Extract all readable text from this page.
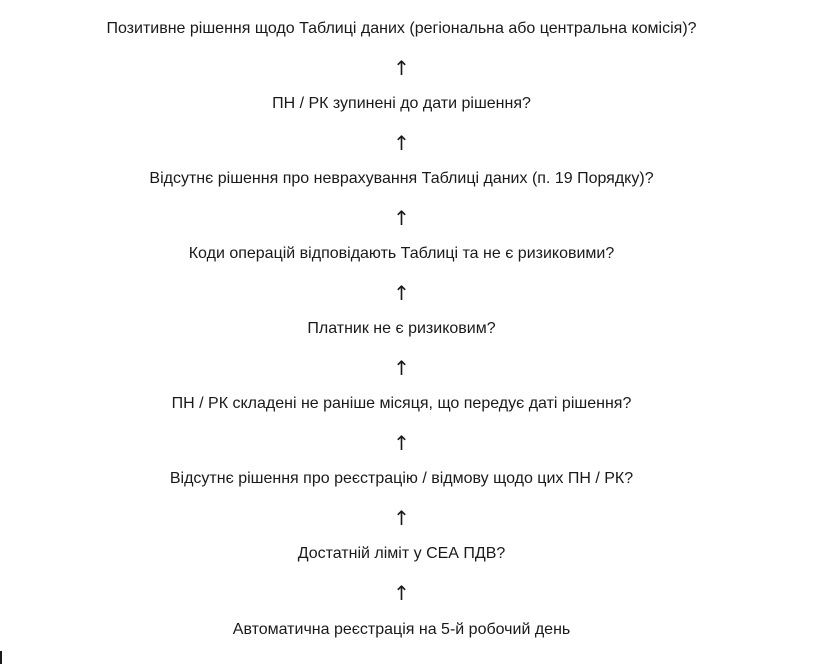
Позитивне рішення щодо Таблиці даних (регіональна або центральна комісія)?
↑
ПН / РК зупинені до дати рішення?
↑
Відсутнє рішення про неврахування Таблиці даних (п. 19 Порядку)?
↑
Коди операцій відповідають Таблиці та не є ризиковими?
↑
Платник не є ризиковим?
↑
ПН / РК складені не раніше місяця, що передує даті рішення?
↑
Відсутнє рішення про реєстрацію / відмову щодо цих ПН / РК?
↑
Достатній ліміт у СЕА ПДВ?
↑
Автоматична реєстрація на 5-й робочий день
